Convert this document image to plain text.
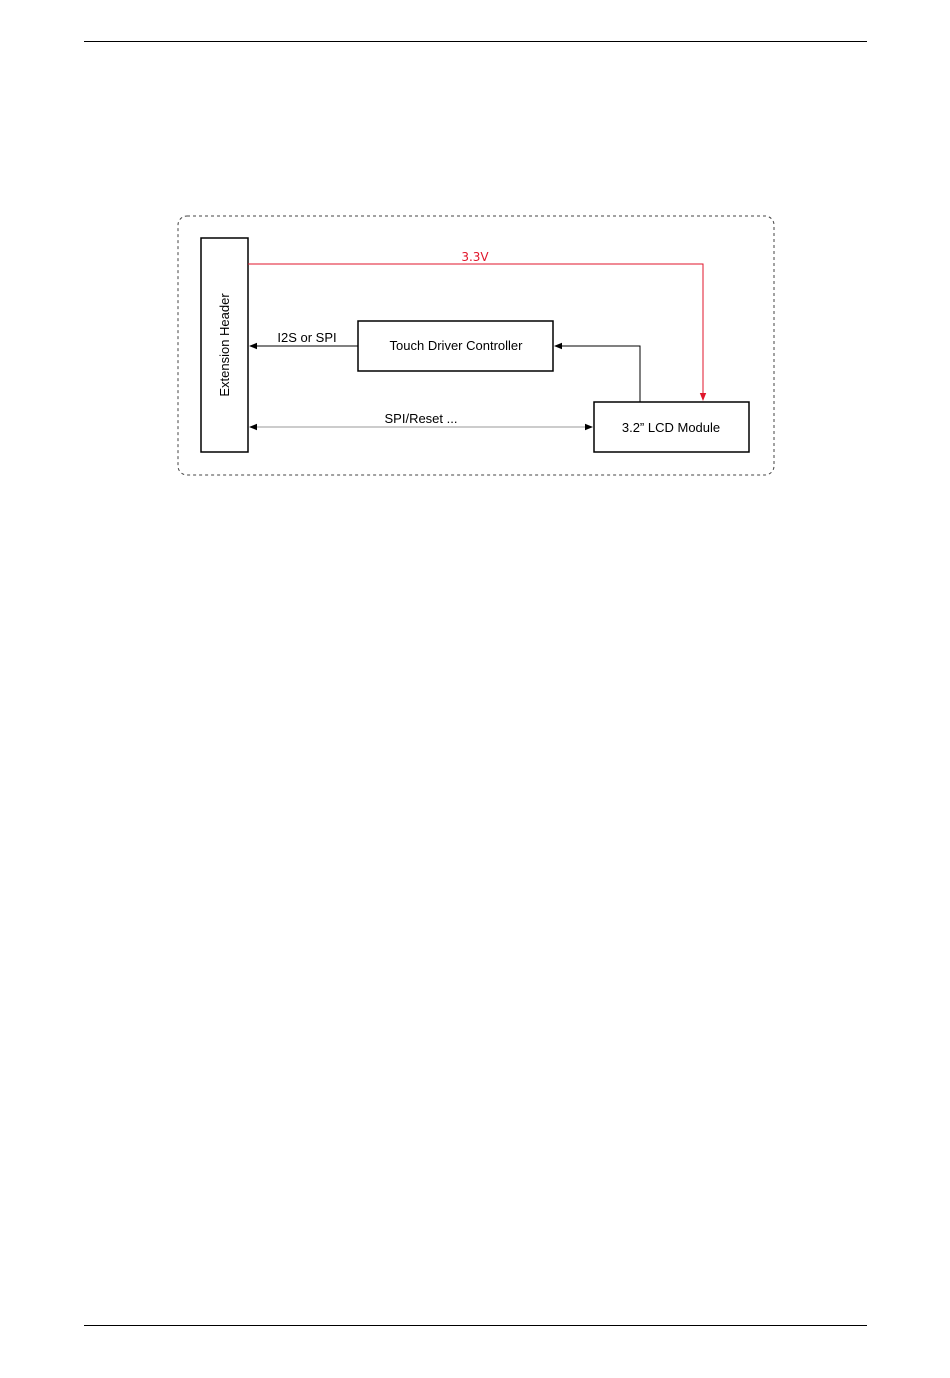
Extension Header	Touch Driver Controller
3.2” LCD Module
3.3V
I2S or SPI
SPI/Reset ...
